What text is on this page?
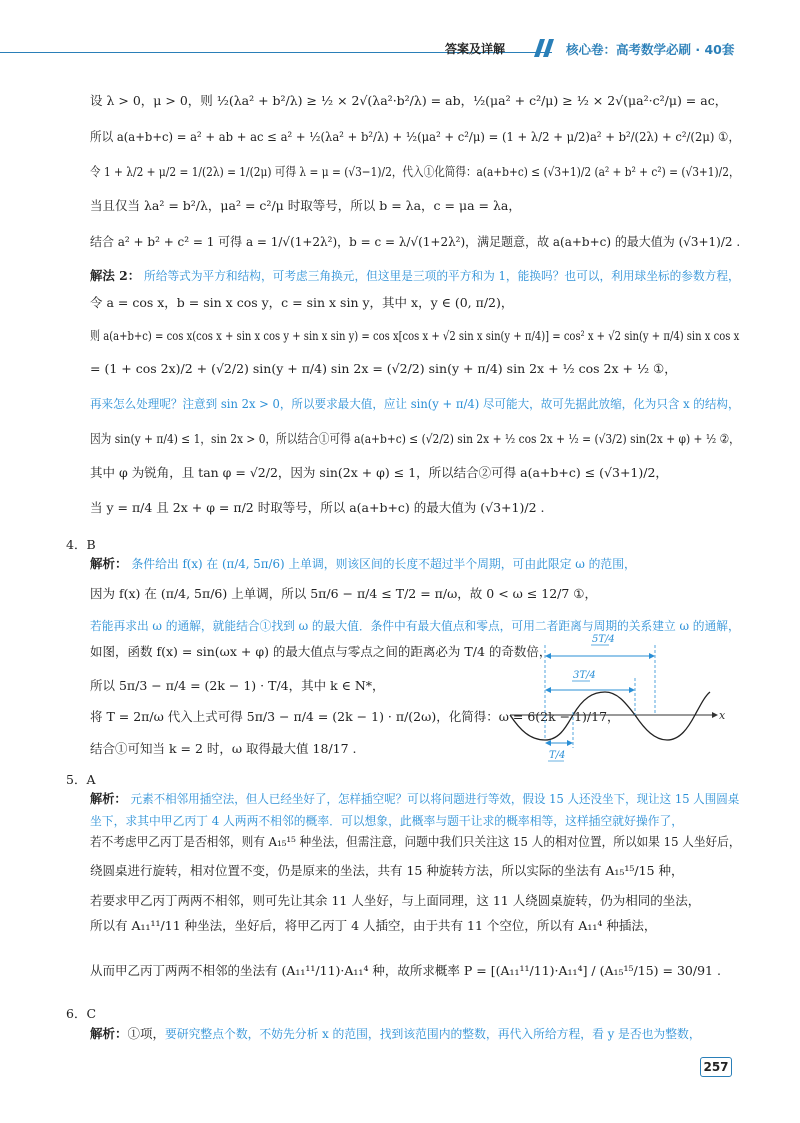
答案及详解	核心卷：高考数学必刷 · 40套
设 λ > 0，μ > 0，则 ½(λa² + b²/λ) ≥ ½ × 2√(λa²·b²/λ) = ab，½(μa² + c²/μ) ≥ ½ × 2√(μa²·c²/μ) = ac，
所以 a(a+b+c) = a² + ab + ac ≤ a² + ½(λa² + b²/λ) + ½(μa² + c²/μ) = (1 + λ/2 + μ/2)a² + b²/(2λ) + c²/(2μ) ①，
令 1 + λ/2 + μ/2 = 1/(2λ) = 1/(2μ) 可得 λ = μ = (√3−1)/2，代入①化简得：a(a+b+c) ≤ (√3+1)/2 (a² + b² + c²) = (√3+1)/2，
当且仅当 λa² = b²/λ，μa² = c²/μ 时取等号，所以 b = λa，c = μa = λa，
结合 a² + b² + c² = 1 可得 a = 1/√(1+2λ²)，b = c = λ/√(1+2λ²)，满足题意，故 a(a+b+c) 的最大值为 (√3+1)/2 .
解法 2： 所给等式为平方和结构，可考虑三角换元，但这里是三项的平方和为 1，能换吗？也可以，利用球坐标的参数方程，
令 a = cos x，b = sin x cos y，c = sin x sin y，其中 x，y ∈ (0, π/2)，
则 a(a+b+c) = cos x(cos x + sin x cos y + sin x sin y) = cos x[cos x + √2 sin x sin(y + π/4)] = cos² x + √2 sin(y + π/4) sin x cos x
= (1 + cos 2x)/2 + (√2/2) sin(y + π/4) sin 2x = (√2/2) sin(y + π/4) sin 2x + ½ cos 2x + ½ ①，
再来怎么处理呢？注意到 sin 2x > 0，所以要求最大值，应让 sin(y + π/4) 尽可能大，故可先据此放缩，化为只含 x 的结构，
因为 sin(y + π/4) ≤ 1，sin 2x > 0，所以结合①可得 a(a+b+c) ≤ (√2/2) sin 2x + ½ cos 2x + ½ = (√3/2) sin(2x + φ) + ½ ②，
其中 φ 为锐角，且 tan φ = √2/2，因为 sin(2x + φ) ≤ 1，所以结合②可得 a(a+b+c) ≤ (√3+1)/2，
当 y = π/4 且 2x + φ = π/2 时取等号，所以 a(a+b+c) 的最大值为 (√3+1)/2 .
4．B
解析： 条件给出 f(x) 在 (π/4, 5π/6) 上单调，则该区间的长度不超过半个周期，可由此限定 ω 的范围，
因为 f(x) 在 (π/4, 5π/6) 上单调，所以 5π/6 − π/4 ≤ T/2 = π/ω，故 0 < ω ≤ 12/7 ①，
若能再求出 ω 的通解，就能结合①找到 ω 的最大值．条件中有最大值点和零点，可用二者距离与周期的关系建立 ω 的通解，
如图，函数 f(x) = sin(ωx + φ) 的最大值点与零点之间的距离必为 T/4 的奇数倍，
所以 5π/3 − π/4 = (2k − 1) · T/4，其中 k ∈ N*，
将 T = 2π/ω 代入上式可得 5π/3 − π/4 = (2k − 1) · π/(2ω)，化简得：ω = 6(2k − 1)/17，
结合①可知当 k = 2 时，ω 取得最大值 18/17 .
x
5T/4
3T/4
T/4
5．A
解析： 元素不相邻用插空法，但人已经坐好了，怎样插空呢？可以将问题进行等效，假设 15 人还没坐下，现让这 15 人围圆桌
坐下，求其中甲乙丙丁 4 人两两不相邻的概率．可以想象，此概率与题干让求的概率相等，这样插空就好操作了，
若不考虑甲乙丙丁是否相邻，则有 A₁₅¹⁵ 种坐法，但需注意，问题中我们只关注这 15 人的相对位置，所以如果 15 人坐好后，
绕圆桌进行旋转，相对位置不变，仍是原来的坐法，共有 15 种旋转方法，所以实际的坐法有 A₁₅¹⁵/15 种，
若要求甲乙丙丁两两不相邻，则可先让其余 11 人坐好，与上面同理，这 11 人绕圆桌旋转，仍为相同的坐法，
所以有 A₁₁¹¹/11 种坐法，坐好后，将甲乙丙丁 4 人插空，由于共有 11 个空位，所以有 A₁₁⁴ 种插法，
从而甲乙丙丁两两不相邻的坐法有 (A₁₁¹¹/11)·A₁₁⁴ 种，故所求概率 P = [(A₁₁¹¹/11)·A₁₁⁴] / (A₁₅¹⁵/15) = 30/91 .
6．C
解析：①项，要研究整点个数，不妨先分析 x 的范围，找到该范围内的整数，再代入所给方程，看 y 是否也为整数，
257
